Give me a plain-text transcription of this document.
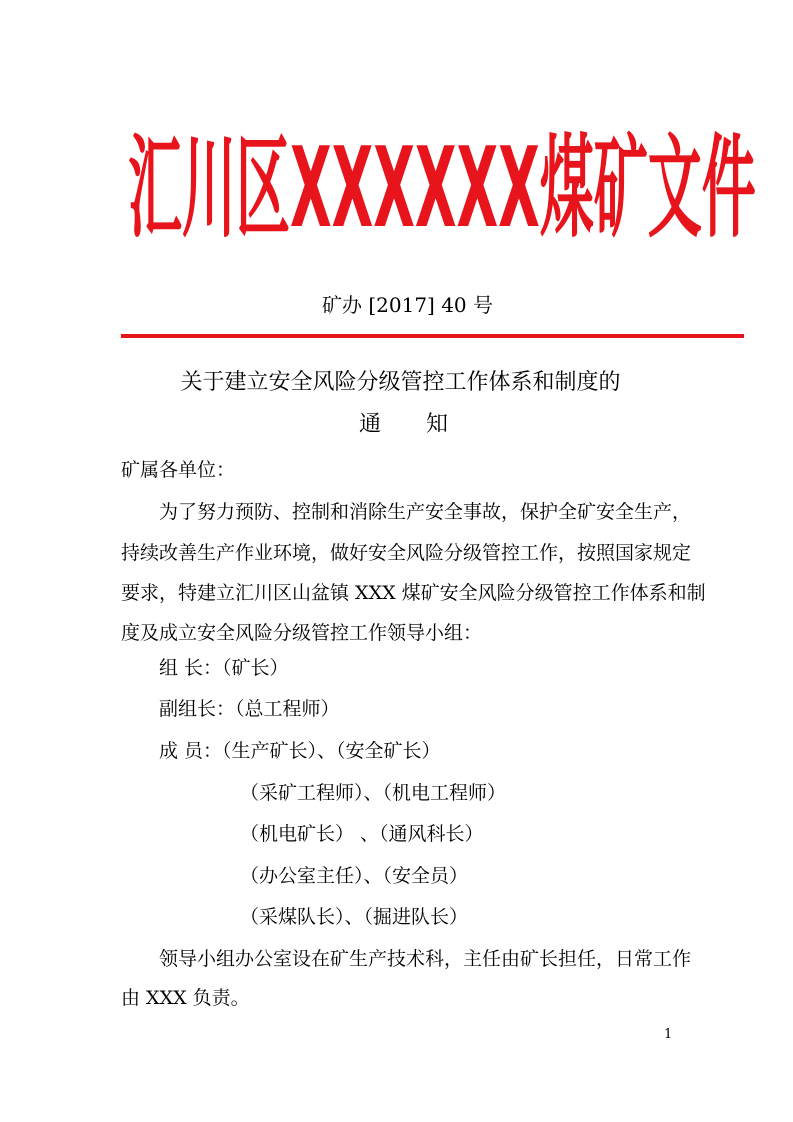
汇川区XXXXXX煤矿文件
矿办 [2017] 40 号
关于建立安全风险分级管控工作体系和制度的
通 知
矿属各单位：
为了努力预防、控制和消除生产安全事故，保护全矿安全生产，
持续改善生产作业环境，做好安全风险分级管控工作，按照国家规定
要求，特建立汇川区山盆镇 XXX 煤矿安全风险分级管控工作体系和制
度及成立安全风险分级管控工作领导小组：
组 长：（矿长）
副组长：（总工程师）
成 员：（生产矿长）、（安全矿长）
（采矿工程师）、（机电工程师）
（机电矿长） 、（通风科长）
（办公室主任）、（安全员）
（采煤队长）、（掘进队长）
领导小组办公室设在矿生产技术科，主任由矿长担任，日常工作
由 XXX 负责。
1
